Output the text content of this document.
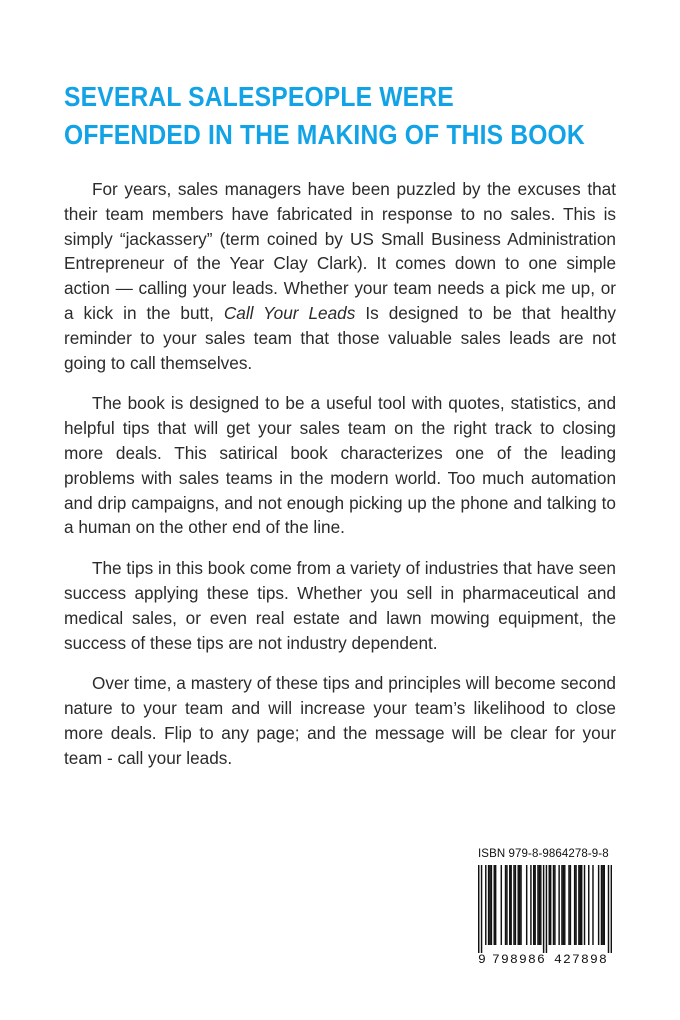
SEVERAL SALESPEOPLE WERE
OFFENDED IN THE MAKING OF THIS BOOK

For years, sales managers have been puzzled by the excuses that their team members have fabricated in response to no sales. This is simply “jackassery” (term coined by US Small Business Administration Entrepreneur of the Year Clay Clark). It comes down to one simple action — calling your leads. Whether your team needs a pick me up, or a kick in the butt, Call Your Leads Is designed to be that healthy reminder to your sales team that those valuable sales leads are not going to call themselves.

The book is designed to be a useful tool with quotes, statistics, and helpful tips that will get your sales team on the right track to closing more deals. This satirical book characterizes one of the leading problems with sales teams in the modern world. Too much automation and drip campaigns, and not enough picking up the phone and talking to a human on the other end of the line.

The tips in this book come from a variety of industries that have seen success applying these tips. Whether you sell in pharmaceutical and medical sales, or even real estate and lawn mowing equipment, the success of these tips are not industry dependent.

Over time, a mastery of these tips and principles will become second nature to your team and will increase your team’s likelihood to close more deals. Flip to any page; and the message will be clear for your team - call your leads.

ISBN 979-8-9864278-9-8
9 798986 427898
